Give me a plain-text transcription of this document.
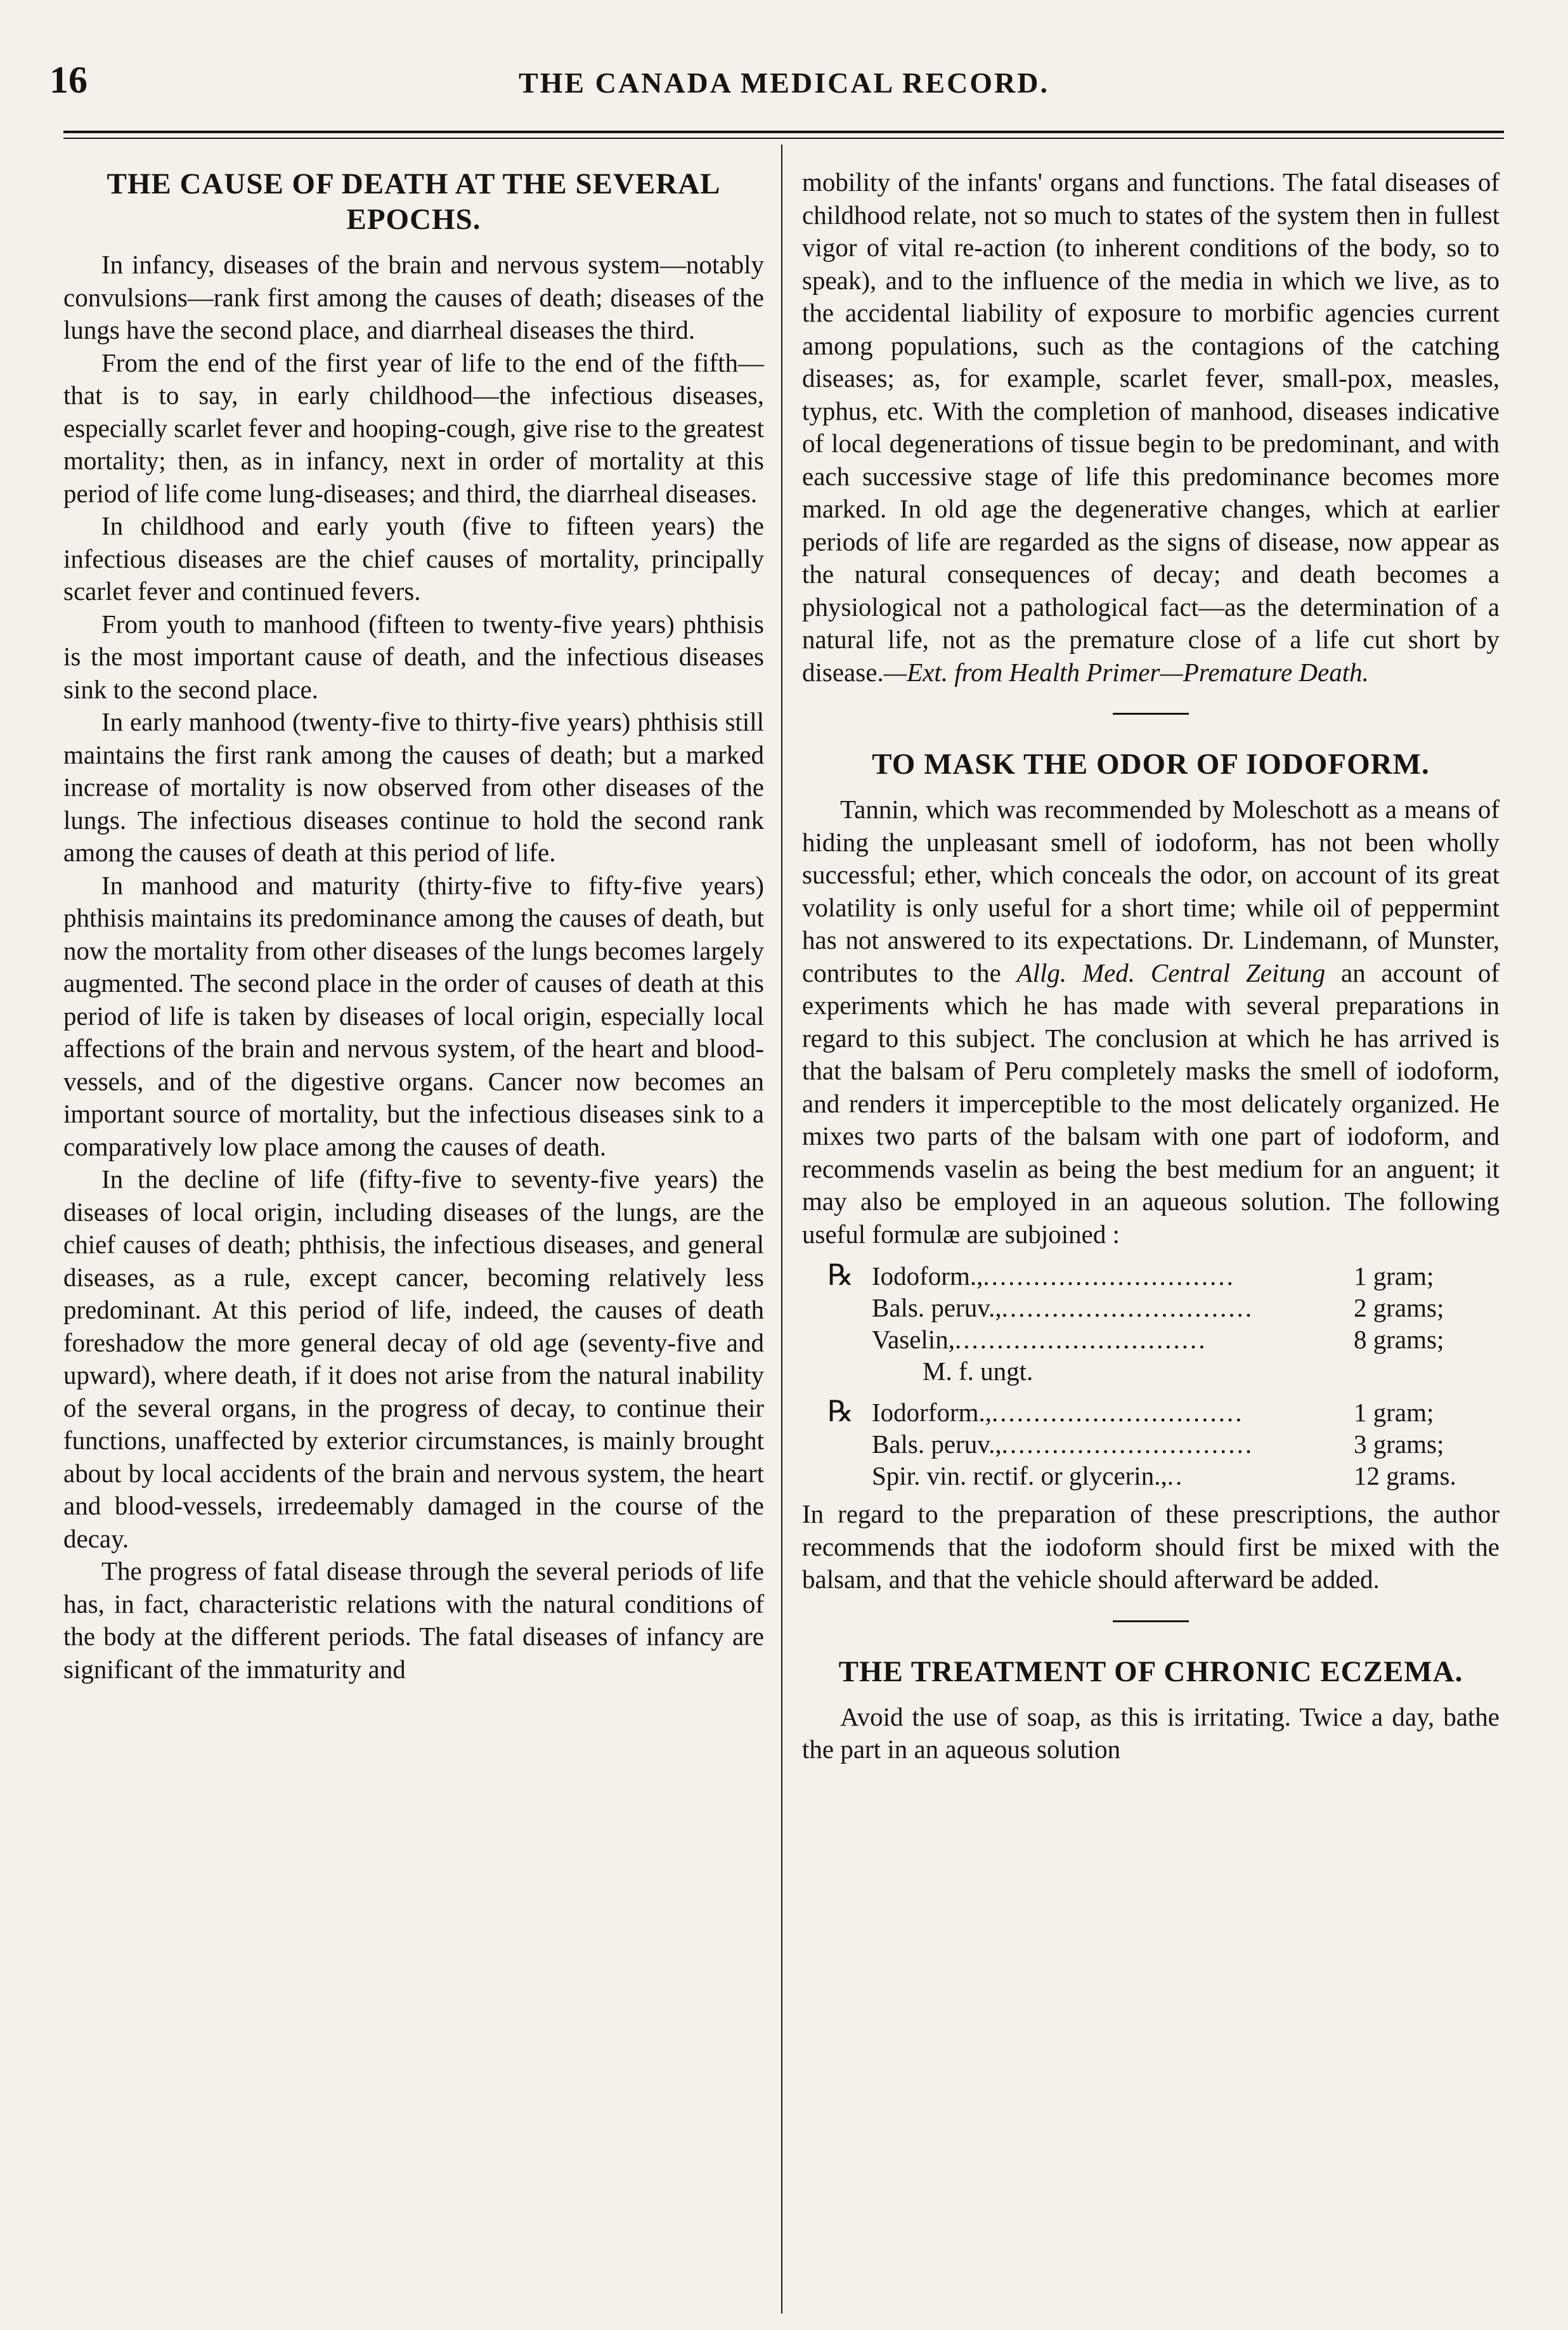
16	THE CANADA MEDICAL RECORD.
THE CAUSE OF DEATH AT THE SEVERAL EPOCHS.

In infancy, diseases of the brain and nervous system—notably convulsions—rank first among the causes of death; diseases of the lungs have the second place, and diarrheal diseases the third.

From the end of the first year of life to the end of the fifth—that is to say, in early childhood—the infectious diseases, especially scarlet fever and hooping-cough, give rise to the greatest mortality; then, as in infancy, next in order of mortality at this period of life come lung-diseases; and third, the diarrheal diseases.

In childhood and early youth (five to fifteen years) the infectious diseases are the chief causes of mortality, principally scarlet fever and continued fevers.

From youth to manhood (fifteen to twenty-five years) phthisis is the most important cause of death, and the infectious diseases sink to the second place.

In early manhood (twenty-five to thirty-five years) phthisis still maintains the first rank among the causes of death; but a marked increase of mortality is now observed from other diseases of the lungs. The infectious diseases continue to hold the second rank among the causes of death at this period of life.

In manhood and maturity (thirty-five to fifty-five years) phthisis maintains its predominance among the causes of death, but now the mortality from other diseases of the lungs becomes largely augmented. The second place in the order of causes of death at this period of life is taken by diseases of local origin, especially local affections of the brain and nervous system, of the heart and blood-vessels, and of the digestive organs. Cancer now becomes an important source of mortality, but the infectious diseases sink to a comparatively low place among the causes of death.

In the decline of life (fifty-five to seventy-five years) the diseases of local origin, including diseases of the lungs, are the chief causes of death; phthisis, the infectious diseases, and general diseases, as a rule, except cancer, becoming relatively less predominant. At this period of life, indeed, the causes of death foreshadow the more general decay of old age (seventy-five and upward), where death, if it does not arise from the natural inability of the several organs, in the progress of decay, to continue their functions, unaffected by exterior circumstances, is mainly brought about by local accidents of the brain and nervous system, the heart and blood-vessels, irredeemably damaged in the course of the decay.

The progress of fatal disease through the several periods of life has, in fact, characteristic relations with the natural conditions of the body at the different periods. The fatal diseases of infancy are significant of the immaturity and

mobility of the infants' organs and functions. The fatal diseases of childhood relate, not so much to states of the system then in fullest vigor of vital re-action (to inherent conditions of the body, so to speak), and to the influence of the media in which we live, as to the accidental liability of exposure to morbific agencies current among populations, such as the contagions of the catching diseases; as, for example, scarlet fever, small-pox, measles, typhus, etc. With the completion of manhood, diseases indicative of local degenerations of tissue begin to be predominant, and with each successive stage of life this predominance becomes more marked. In old age the degenerative changes, which at earlier periods of life are regarded as the signs of disease, now appear as the natural consequences of decay; and death becomes a physiological not a pathological fact—as the determination of a natural life, not as the premature close of a life cut short by disease.—Ext. from Health Primer—Premature Death.

TO MASK THE ODOR OF IODOFORM.

Tannin, which was recommended by Moleschott as a means of hiding the unpleasant smell of iodoform, has not been wholly successful; ether, which conceals the odor, on account of its great volatility is only useful for a short time; while oil of peppermint has not answered to its expectations. Dr. Lindemann, of Munster, contributes to the Allg. Med. Central Zeitung an account of experiments which he has made with several preparations in regard to this subject. The conclusion at which he has arrived is that the balsam of Peru completely masks the smell of iodoform, and renders it imperceptible to the most delicately organized. He mixes two parts of the balsam with one part of iodoform, and recommends vaselin as being the best medium for an anguent; it may also be employed in an aqueous solution. The following useful formulæ are subjoined :

℞ Iodoform., ..............................	1 gram;
Bals. peruv., ..............................	2 grams;
Vaselin, ..............................	8 grams;
M. f. ungt.
℞ Iodorform., ..............................	1 gram;
Bals. peruv., ..............................	3 grams;
Spir. vin. rectif. or glycerin., ..	12 grams.

In regard to the preparation of these prescriptions, the author recommends that the iodoform should first be mixed with the balsam, and that the vehicle should afterward be added.

THE TREATMENT OF CHRONIC ECZEMA.

Avoid the use of soap, as this is irritating. Twice a day, bathe the part in an aqueous solution
